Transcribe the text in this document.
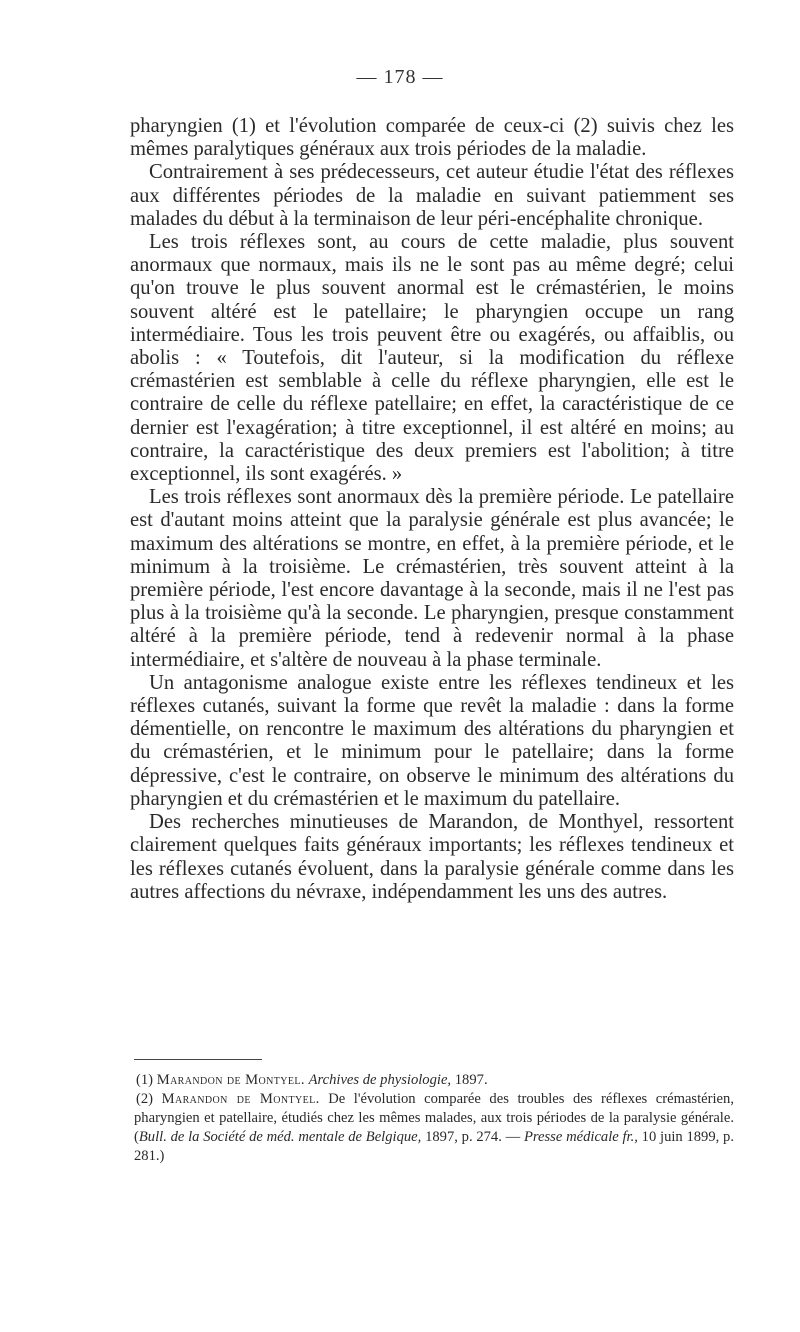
— 178 —

pharyngien (1) et l'évolution comparée de ceux-ci (2) suivis chez les mêmes paralytiques généraux aux trois périodes de la maladie.

Contrairement à ses prédecesseurs, cet auteur étudie l'état des réflexes aux différentes périodes de la maladie en suivant patiemment ses malades du début à la terminaison de leur péri-encéphalite chronique.

Les trois réflexes sont, au cours de cette maladie, plus souvent anormaux que normaux, mais ils ne le sont pas au même degré; celui qu'on trouve le plus souvent anormal est le crémastérien, le moins souvent altéré est le patellaire; le pharyngien occupe un rang intermédiaire. Tous les trois peuvent être ou exagérés, ou affaiblis, ou abolis : « Toutefois, dit l'auteur, si la modification du réflexe crémastérien est semblable à celle du réflexe pharyngien, elle est le contraire de celle du réflexe patellaire; en effet, la caractéristique de ce dernier est l'exagération; à titre exceptionnel, il est altéré en moins; au contraire, la caractéristique des deux premiers est l'abolition; à titre exceptionnel, ils sont exagérés. »

Les trois réflexes sont anormaux dès la première période. Le patellaire est d'autant moins atteint que la paralysie générale est plus avancée; le maximum des altérations se montre, en effet, à la première période, et le minimum à la troisième. Le crémastérien, très souvent atteint à la première période, l'est encore davantage à la seconde, mais il ne l'est pas plus à la troisième qu'à la seconde. Le pharyngien, presque constamment altéré à la première période, tend à redevenir normal à la phase intermédiaire, et s'altère de nouveau à la phase terminale.

Un antagonisme analogue existe entre les réflexes tendineux et les réflexes cutanés, suivant la forme que revêt la maladie : dans la forme démentielle, on rencontre le maximum des altérations du pharyngien et du crémastérien, et le minimum pour le patellaire; dans la forme dépressive, c'est le contraire, on observe le minimum des altérations du pharyngien et du crémastérien et le maximum du patellaire.

Des recherches minutieuses de Marandon, de Monthyel, ressortent clairement quelques faits généraux importants; les réflexes tendineux et les réflexes cutanés évoluent, dans la paralysie générale comme dans les autres affections du névraxe, indépendamment les uns des autres.

(1) Marandon de Montyel. Archives de physiologie, 1897.

(2) Marandon de Montyel. De l'évolution comparée des troubles des réflexes crémastérien, pharyngien et patellaire, étudiés chez les mêmes malades, aux trois périodes de la paralysie générale. (Bull. de la Société de méd. mentale de Belgique, 1897, p. 274. — Presse médicale fr., 10 juin 1899, p. 281.)
